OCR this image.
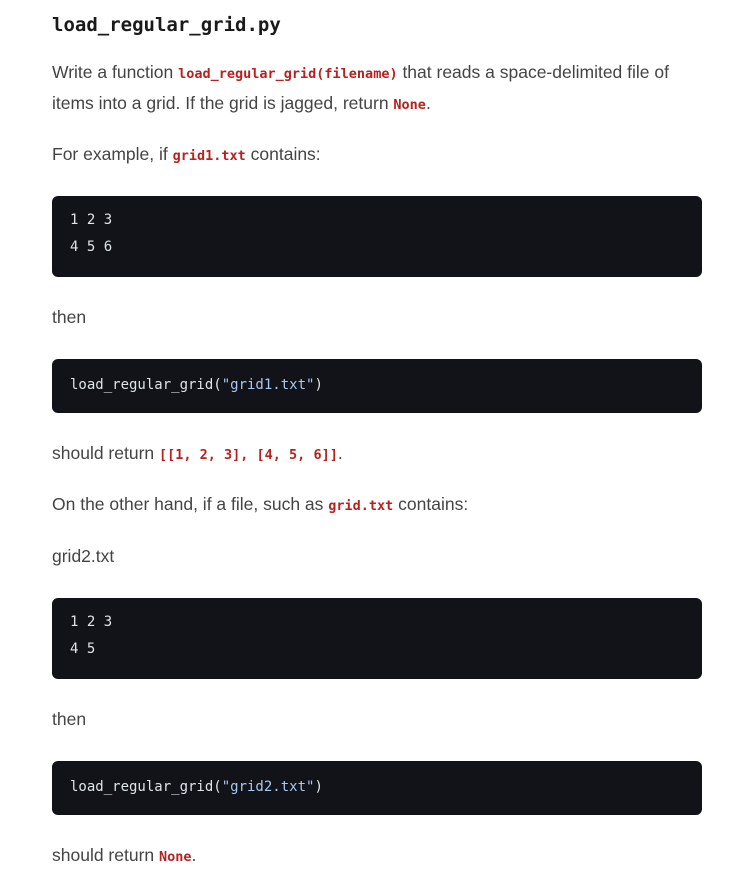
load_regular_grid.py

Write a function load_regular_grid(filename) that reads a space-delimited file of items into a grid. If the grid is jagged, return None.

For example, if grid1.txt contains:

1 2 3
4 5 6

then

load_regular_grid("grid1.txt")

should return [[1, 2, 3], [4, 5, 6]].

On the other hand, if a file, such as grid.txt contains:

grid2.txt

1 2 3
4 5

then

load_regular_grid("grid2.txt")

should return None.
